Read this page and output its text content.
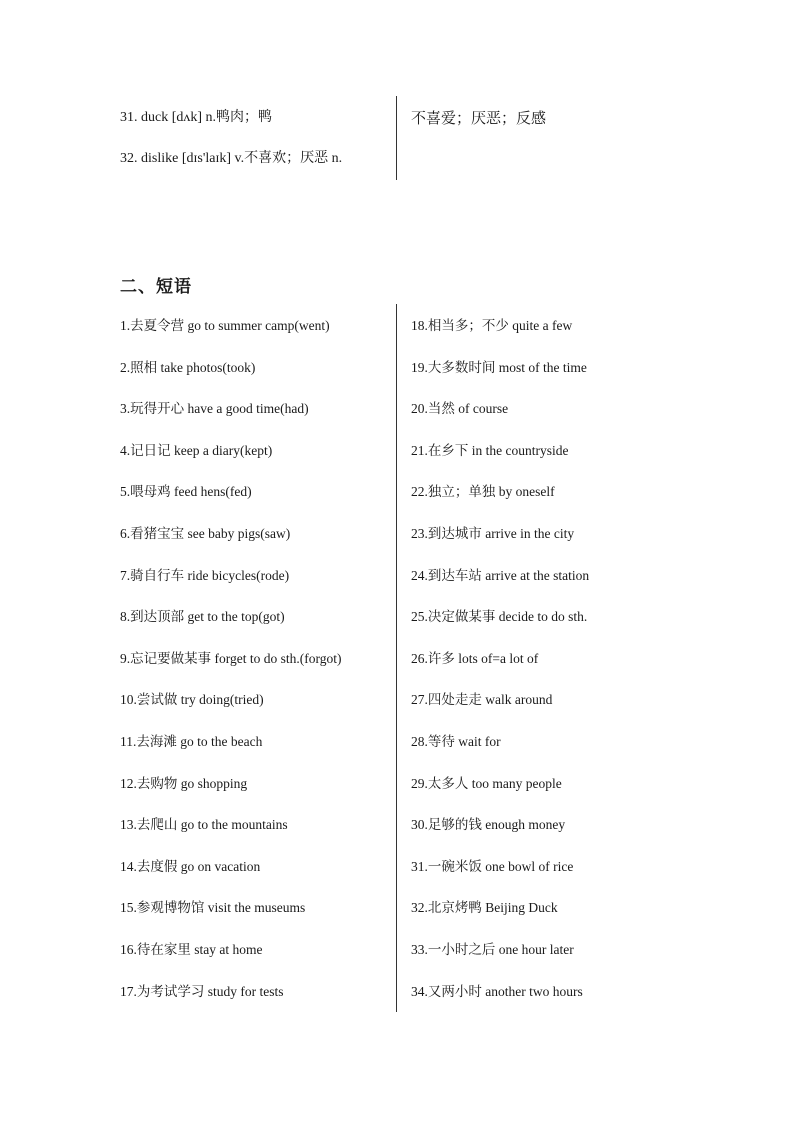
31. duck [dʌk] n.鸭肉；鸭
32. dislike [dɪs'laɪk] v.不喜欢；厌恶 n.
不喜爱；厌恶；反感
二、短语
1.去夏令营 go to summer camp(went)
2.照相 take photos(took)
3.玩得开心 have a good time(had)
4.记日记 keep a diary(kept)
5.喂母鸡 feed hens(fed)
6.看猪宝宝 see baby pigs(saw)
7.骑自行车 ride bicycles(rode)
8.到达顶部 get to the top(got)
9.忘记要做某事 forget to do sth.(forgot)
10.尝试做 try doing(tried)
11.去海滩 go to the beach
12.去购物 go shopping
13.去爬山 go to the mountains
14.去度假 go on vacation
15.参观博物馆 visit the museums
16.待在家里 stay at home
17.为考试学习 study for tests
18.相当多；不少 quite a few
19.大多数时间 most of the time
20.当然 of course
21.在乡下 in the countryside
22.独立；单独 by oneself
23.到达城市 arrive in the city
24.到达车站 arrive at the station
25.决定做某事 decide to do sth.
26.许多 lots of=a lot of
27.四处走走 walk around
28.等待 wait for
29.太多人 too many people
30.足够的钱 enough money
31.一碗米饭 one bowl of rice
32.北京烤鸭 Beijing Duck
33.一小时之后 one hour later
34.又两小时 another two hours
